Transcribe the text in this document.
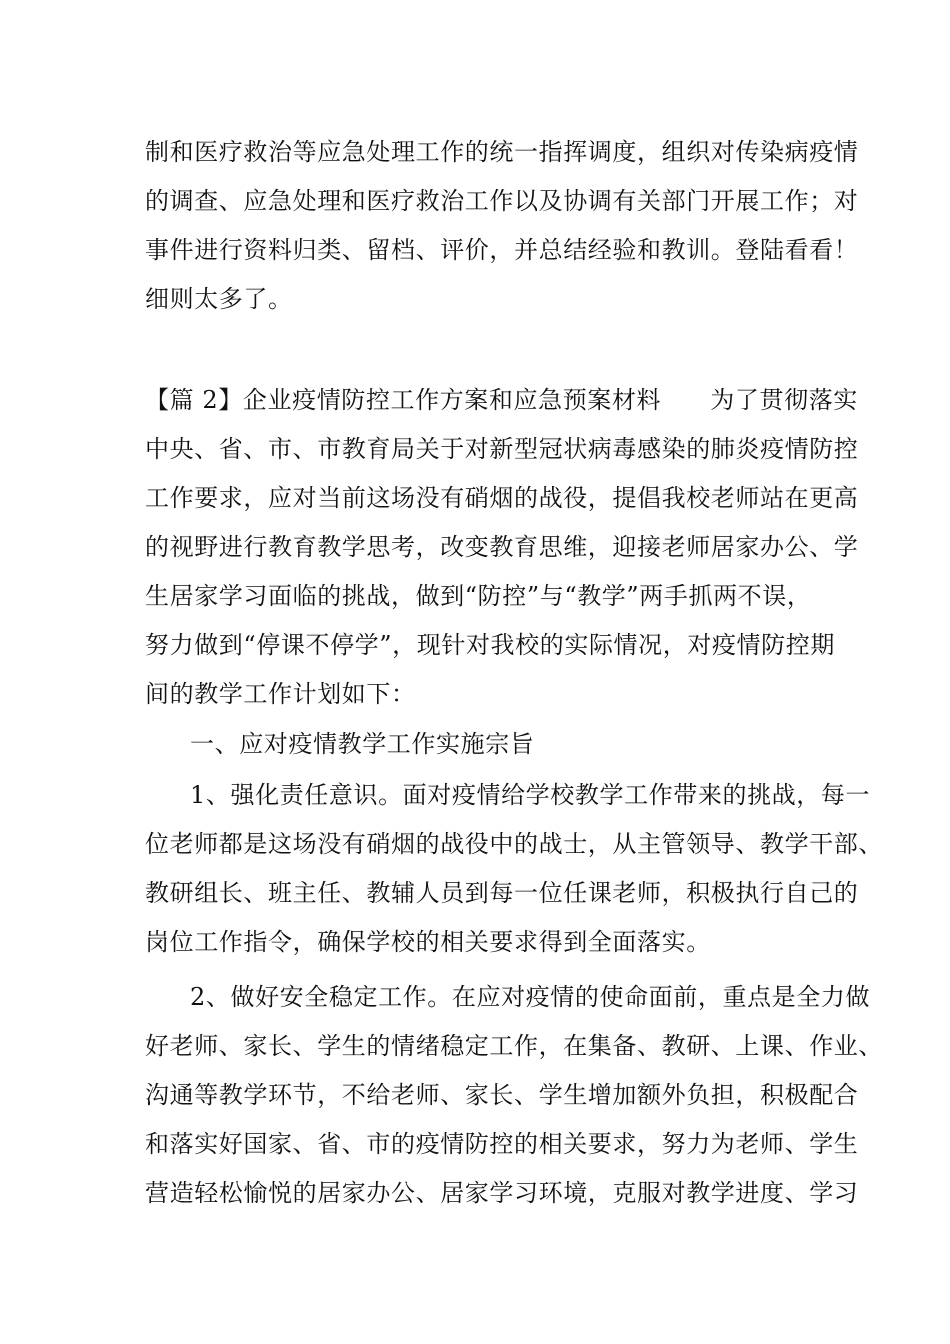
制和医疗救治等应急处理工作的统一指挥调度，组织对传染病疫情
的调查、应急处理和医疗救治工作以及协调有关部门开展工作；对
事件进行资料归类、留档、评价，并总结经验和教训。登陆看看！
细则太多了。
【篇 2】企业疫情防控工作方案和应急预案材料　　为了贯彻落实
中央、省、市、市教育局关于对新型冠状病毒感染的肺炎疫情防控
工作要求，应对当前这场没有硝烟的战役，提倡我校老师站在更高
的视野进行教育教学思考，改变教育思维，迎接老师居家办公、学
生居家学习面临的挑战，做到“防控”与“教学”两手抓两不误，
努力做到“停课不停学”，现针对我校的实际情况，对疫情防控期
间的教学工作计划如下：
一、应对疫情教学工作实施宗旨
1、强化责任意识。面对疫情给学校教学工作带来的挑战，每一
位老师都是这场没有硝烟的战役中的战士，从主管领导、教学干部、
教研组长、班主任、教辅人员到每一位任课老师，积极执行自己的
岗位工作指令，确保学校的相关要求得到全面落实。
2、做好安全稳定工作。在应对疫情的使命面前，重点是全力做
好老师、家长、学生的情绪稳定工作，在集备、教研、上课、作业、
沟通等教学环节，不给老师、家长、学生增加额外负担，积极配合
和落实好国家、省、市的疫情防控的相关要求，努力为老师、学生
营造轻松愉悦的居家办公、居家学习环境，克服对教学进度、学习
